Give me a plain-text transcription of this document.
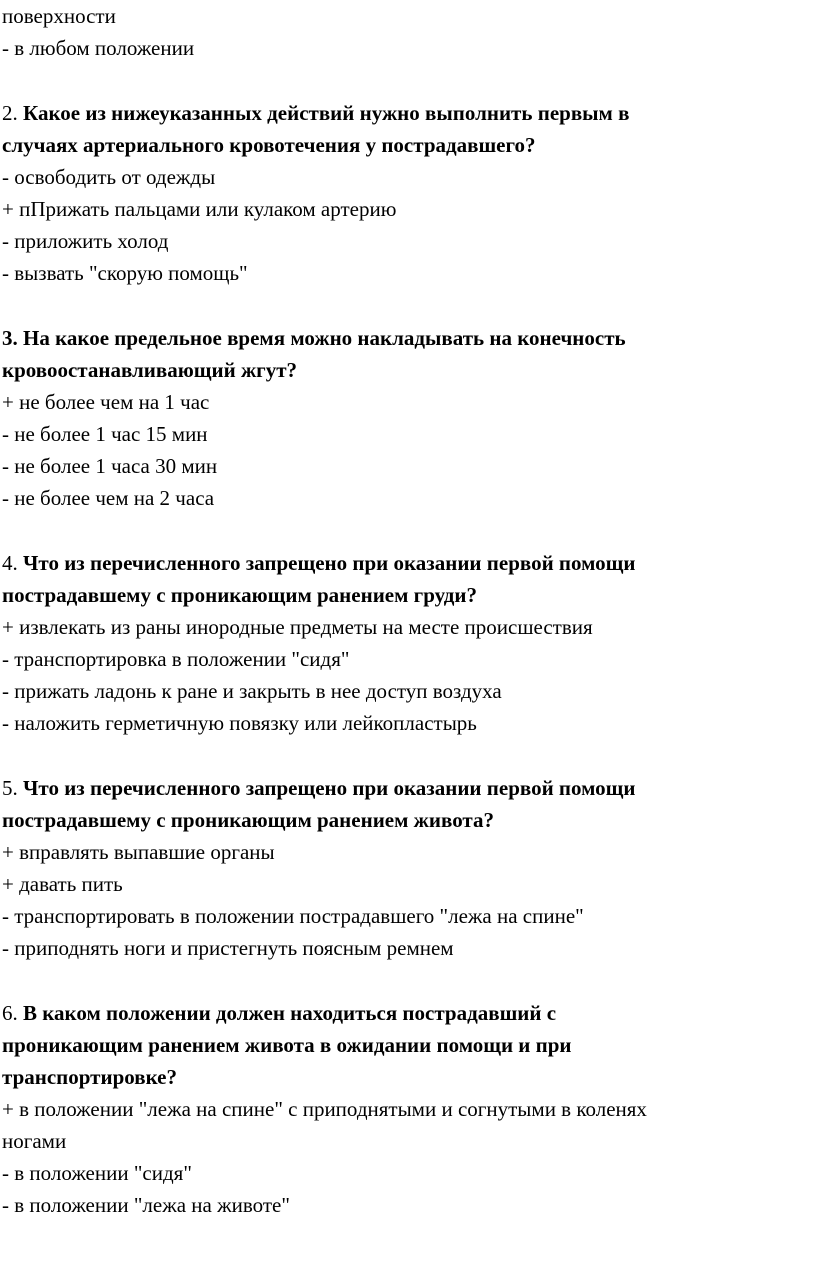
поверхности
- в любом положении
2. Какое из нижеуказанных действий нужно выполнить первым в
случаях артериального кровотечения у пострадавшего?
- освободить от одежды
+ пПрижать пальцами или кулаком артерию
- приложить холод
- вызвать "скорую помощь"
3. На какое предельное время можно накладывать на конечность
кровоостанавливающий жгут?
+ не более чем на 1 час
- не более 1 час 15 мин
- не более 1 часа 30 мин
- не более чем на 2 часа
4. Что из перечисленного запрещено при оказании первой помощи
пострадавшему с проникающим ранением груди?
+ извлекать из раны инородные предметы на месте происшествия
- транспортировка в положении "сидя"
- прижать ладонь к ране и закрыть в нее доступ воздуха
- наложить герметичную повязку или лейкопластырь
5. Что из перечисленного запрещено при оказании первой помощи
пострадавшему с проникающим ранением живота?
+ вправлять выпавшие органы
+ давать пить
- транспортировать в положении пострадавшего "лежа на спине"
- приподнять ноги и пристегнуть поясным ремнем
6. В каком положении должен находиться пострадавший с
проникающим ранением живота в ожидании помощи и при
транспортировке?
+ в положении "лежа на спине" с приподнятыми и согнутыми в коленях
ногами
- в положении "сидя"
- в положении "лежа на животе"
